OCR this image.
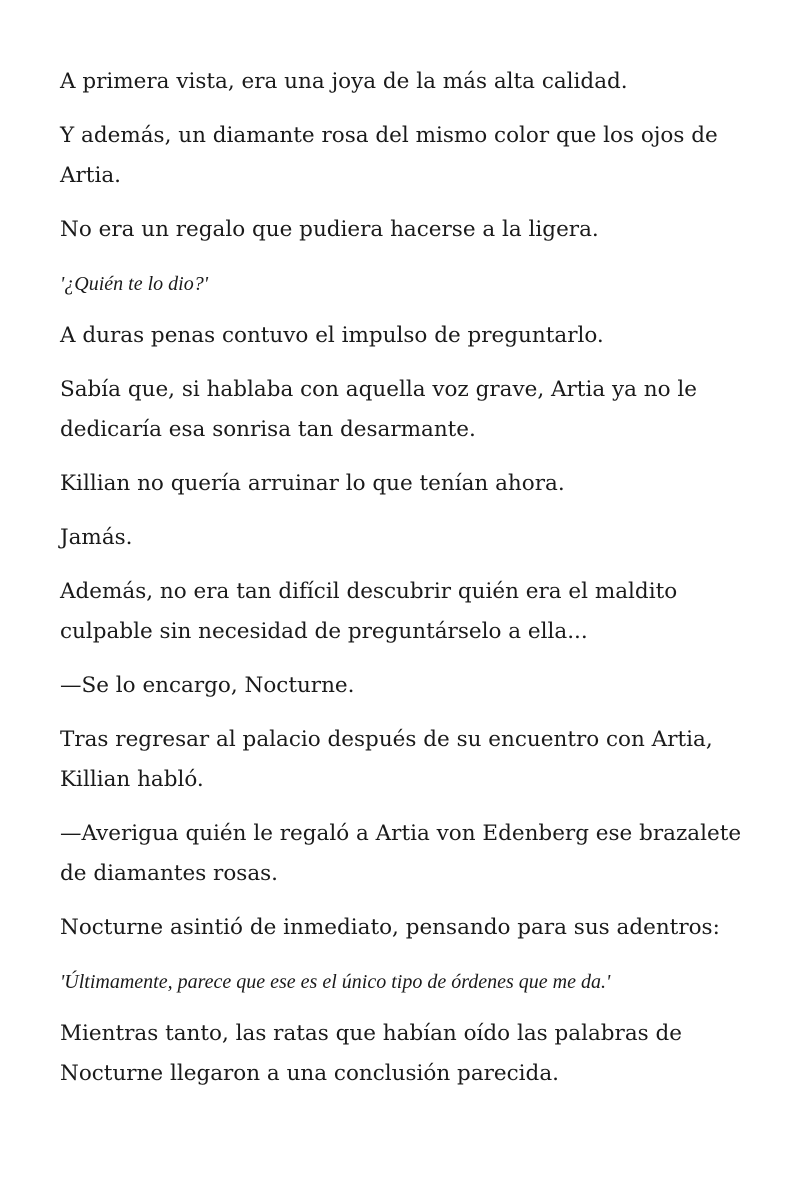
A primera vista, era una joya de la más alta calidad.

Y además, un diamante rosa del mismo color que los ojos de Artia.

No era un regalo que pudiera hacerse a la ligera.

'¿Quién te lo dio?'

A duras penas contuvo el impulso de preguntarlo.

Sabía que, si hablaba con aquella voz grave, Artia ya no le dedicaría esa sonrisa tan desarmante.

Killian no quería arruinar lo que tenían ahora.

Jamás.

Además, no era tan difícil descubrir quién era el maldito culpable sin necesidad de preguntárselo a ella...

—Se lo encargo, Nocturne.

Tras regresar al palacio después de su encuentro con Artia, Killian habló.

—Averigua quién le regaló a Artia von Edenberg ese brazalete de diamantes rosas.

Nocturne asintió de inmediato, pensando para sus adentros:

'Últimamente, parece que ese es el único tipo de órdenes que me da.'

Mientras tanto, las ratas que habían oído las palabras de Nocturne llegaron a una conclusión parecida.
